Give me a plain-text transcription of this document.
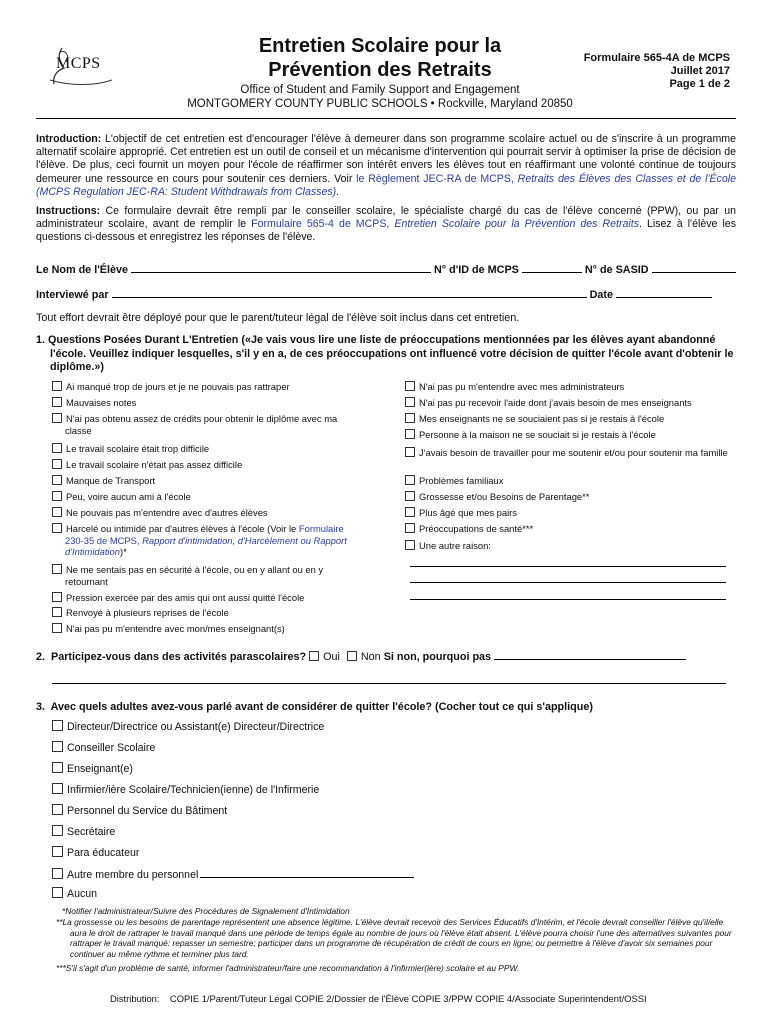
MCPS
Entretien Scolaire pour la
Prévention des Retraits
Office of Student and Family Support and Engagement
MONTGOMERY COUNTY PUBLIC SCHOOLS • Rockville, Maryland 20850
Formulaire 565-4A de MCPS
Juillet 2017
Page 1 de 2
Introduction: L'objectif de cet entretien est d'encourager l'élève à demeurer dans son programme scolaire actuel ou de s'inscrire à un programme alternatif scolaire approprié. Cet entretien est un outil de conseil et un mécanisme d'intervention qui pourrait servir à optimiser la prise de décision de l'élève. De plus, ceci fournit un moyen pour l'école de réaffirmer son intérêt envers les élèves tout en réaffirmant une volonté continue de toujours demeurer une ressource en cours pour soutenir ces derniers. Voir le Règlement JEC-RA de MCPS, Retraits des Élèves des Classes et de l'École (MCPS Regulation JEC-RA: Student Withdrawals from Classes).
Instructions: Ce formulaire devrait être rempli par le conseiller scolaire, le spécialiste chargé du cas de l'élève concerné (PPW), ou par un administrateur scolaire, avant de remplir le Formulaire 565-4 de MCPS, Entretien Scolaire pour la Prévention des Retraits. Lisez à l'élève les questions ci-dessous et enregistrez les réponses de l'élève.
Le Nom de l'Élève	N° d'ID de MCPS	N° de SASID
Interviewé par	Date
Tout effort devrait être déployé pour que le parent/tuteur légal de l'élève soit inclus dans cet entretien.
1. Questions Posées Durant L'Entretien («Je vais vous lire une liste de préoccupations mentionnées par les élèves ayant abandonné l'école. Veuillez indiquer lesquelles, s'il y en a, de ces préoccupations ont influencé votre décision de quitter l'école avant d'obtenir le diplôme.»)
Ai manqué trop de jours et je ne pouvais pas rattraper
Mauvaises notes
N'ai pas obtenu assez de crédits pour obtenir le diplôme avec ma classe
Le travail scolaire était trop difficile
Le travail scolaire n'était pas assez difficile
Manque de Transport
Peu, voire aucun ami à l'école
Ne pouvais pas m'entendre avec d'autres élèves
Ne me sentais pas en sécurité à l'école, ou en y allant ou en y retournant
Pression exercée par des amis qui ont aussi quitté l'école
Renvoyé à plusieurs reprises de l'école
N'ai pas pu m'entendre avec mon/mes enseignant(s)
Harcelé ou intimidé par d'autres élèves à l'école (Voir le Formulaire 230-35 de MCPS, Rapport d'intimidation, d'Harcèlement ou Rapport d'Intimidation)*
N'ai pas pu m'entendre avec mes administrateurs
N'ai pas pu recevoir l'aide dont j'avais besoin de mes enseignants
Mes enseignants ne se souciaient pas si je restais à l'école
Personne à la maison ne se souciait si je restais à l'école
J'avais besoin de travailler pour me soutenir et/ou pour soutenir ma famille
Problèmes familiaux
Grossesse et/ou Besoins de Parentage**
Plus âgé que mes pairs
Préoccupations de santé***
Une autre raison:
2. Participez-vous dans des activités parascolaires? Oui Non Si non, pourquoi pas
3. Avec quels adultes avez-vous parlé avant de considérer de quitter l'école? (Cocher tout ce qui s'applique)
Directeur/Directrice ou Assistant(e) Directeur/Directrice
Conseiller Scolaire
Enseignant(e)
Infirmier/ière Scolaire/Technicien(ienne) de l'Infirmerie
Personnel du Service du Bâtiment
Secrétaire
Para éducateur
Autre membre du personnel
Aucun
*Notifier l'administrateur/Suivre des Procédures de Signalement d'Intimidation
**La grossesse ou les besoins de parentage représentent une absence légitime. L'élève devrait recevoir des Services Éducatifs d'Intérim, et l'école devrait conseiller l'élève qu'il/elle aura le droit de rattraper le travail manqué dans une période de temps égale au nombre de jours où l'élève était absent. L'élève pourra choisir l'une des alternatives suivantes pour rattraper le travail manqué: repasser un semestre; participer dans un programme de récupération de crédit de cours en ligne; ou permettre à l'élève d'avoir six semaines pour continuer au même rythme et terminer plus tard.
***S'il s'agit d'un problème de santé, informer l'administrateur/faire une recommandation à l'infirmier(ière) scolaire et au PPW.
Distribution: COPIE 1/Parent/Tuteur Légal COPIE 2/Dossier de l'Élève COPIE 3/PPW COPIE 4/Associate Superintendent/OSSI
